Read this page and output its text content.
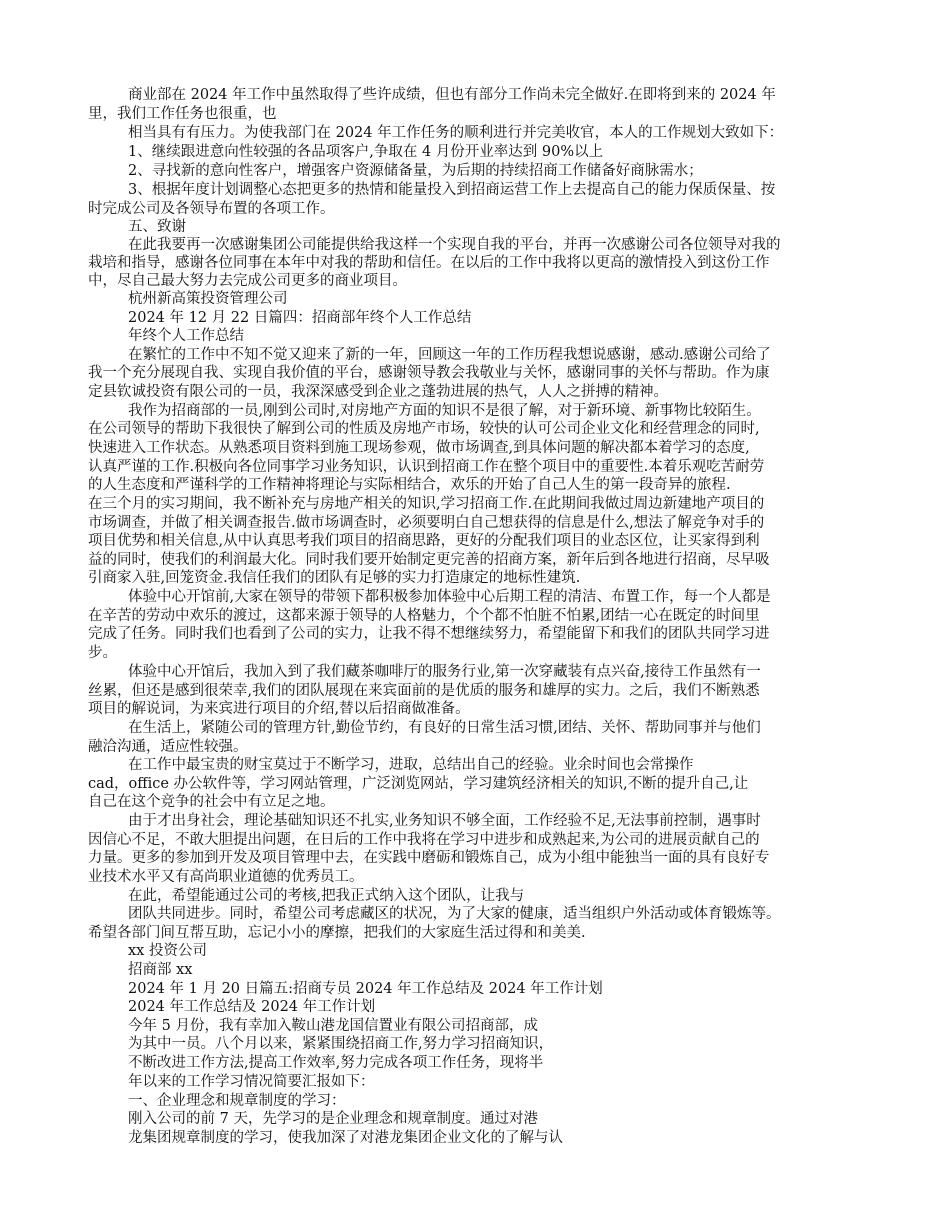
商业部在 2024 年工作中虽然取得了些许成绩，但也有部分工作尚未完全做好.在即将到来的 2024 年
里，我们工作任务也很重，也
相当具有有压力。为使我部门在 2024 年工作任务的顺利进行并完美收官，本人的工作规划大致如下：
1、继续跟进意向性较强的各品项客户,争取在 4 月份开业率达到 90%以上
2、寻找新的意向性客户，增强客户资源储备量，为后期的持续招商工作储备好商脉需水；
3、根据年度计划调整心态把更多的热情和能量投入到招商运营工作上去提高自己的能力保质保量、按
时完成公司及各领导布置的各项工作。
五、致谢
在此我要再一次感谢集团公司能提供给我这样一个实现自我的平台，并再一次感谢公司各位领导对我的
栽培和指导，感谢各位同事在本年中对我的帮助和信任。在以后的工作中我将以更高的激情投入到这份工作
中，尽自己最大努力去完成公司更多的商业项目。
杭州新高策投资管理公司
2024 年 12 月 22 日篇四：招商部年终个人工作总结
年终个人工作总结
在繁忙的工作中不知不觉又迎来了新的一年，回顾这一年的工作历程我想说感谢，感动.感谢公司给了
我一个充分展现自我、实现自我价值的平台，感谢领导教会我敬业与关怀，感谢同事的关怀与帮助。作为康
定县钦诚投资有限公司的一员，我深深感受到企业之蓬勃进展的热气，人人之拼搏的精神。
我作为招商部的一员,刚到公司时,对房地产方面的知识不是很了解，对于新环境、新事物比较陌生。
在公司领导的帮助下我很快了解到公司的性质及房地产市场，较快的认可公司企业文化和经营理念的同时,
快速进入工作状态。从熟悉项目资料到施工现场参观，做市场调查,到具体问题的解决都本着学习的态度,
认真严谨的工作.积极向各位同事学习业务知识，认识到招商工作在整个项目中的重要性.本着乐观吃苦耐劳
的人生态度和严谨科学的工作精神将理论与实际相结合，欢乐的开始了自己人生的第一段奇异的旅程.
在三个月的实习期间，我不断补充与房地产相关的知识,学习招商工作.在此期间我做过周边新建地产项目的
市场调查，并做了相关调查报告.做市场调查时，必须要明白自己想获得的信息是什么,想法了解竞争对手的
项目优势和相关信息,从中认真思考我们项目的招商思路，更好的分配我们项目的业态区位，让买家得到利
益的同时，使我们的利润最大化。同时我们要开始制定更完善的招商方案，新年后到各地进行招商，尽早吸
引商家入驻,回笼资金.我信任我们的团队有足够的实力打造康定的地标性建筑.
体验中心开馆前,大家在领导的带领下都积极参加体验中心后期工程的清洁、布置工作，每一个人都是
在辛苦的劳动中欢乐的渡过，这都来源于领导的人格魅力，个个都不怕脏不怕累,团结一心在既定的时间里
完成了任务。同时我们也看到了公司的实力，让我不得不想继续努力，希望能留下和我们的团队共同学习进
步。
体验中心开馆后，我加入到了我们藏茶咖啡厅的服务行业,第一次穿藏装有点兴奋,接待工作虽然有一
丝累，但还是感到很荣幸,我们的团队展现在来宾面前的是优质的服务和雄厚的实力。之后，我们不断熟悉
项目的解说词，为来宾进行项目的介绍,替以后招商做准备。
在生活上，紧随公司的管理方针,勤俭节约，有良好的日常生活习惯,团结、关怀、帮助同事并与他们
融洽沟通，适应性较强。
在工作中最宝贵的财宝莫过于不断学习，进取，总结出自己的经验。业余时间也会常操作
cad，office 办公软件等，学习网站管理，广泛浏览网站，学习建筑经济相关的知识,不断的提升自己,让
自己在这个竞争的社会中有立足之地。
由于才出身社会，理论基础知识还不扎实,业务知识不够全面，工作经验不足,无法事前控制，遇事时
因信心不足，不敢大胆提出问题，在日后的工作中我将在学习中进步和成熟起来,为公司的进展贡献自己的
力量。更多的参加到开发及项目管理中去，在实践中磨砺和锻炼自己，成为小组中能独当一面的具有良好专
业技术水平又有高尚职业道德的优秀员工。
在此，希望能通过公司的考核,把我正式纳入这个团队，让我与
团队共同进步。同时，希望公司考虑藏区的状况，为了大家的健康，适当组织户外活动或体育锻炼等。
希望各部门间互帮互助，忘记小小的摩擦，把我们的大家庭生活过得和和美美.
xx 投资公司
招商部 xx
2024 年 1 月 20 日篇五:招商专员 2024 年工作总结及 2024 年工作计划
2024 年工作总结及 2024 年工作计划
今年 5 月份，我有幸加入鞍山港龙国信置业有限公司招商部，成
为其中一员。八个月以来，紧紧围绕招商工作,努力学习招商知识，
不断改进工作方法,提高工作效率,努力完成各项工作任务，现将半
年以来的工作学习情况简要汇报如下：
一、企业理念和规章制度的学习：
刚入公司的前 7 天，先学习的是企业理念和规章制度。通过对港
龙集团规章制度的学习，使我加深了对港龙集团企业文化的了解与认
